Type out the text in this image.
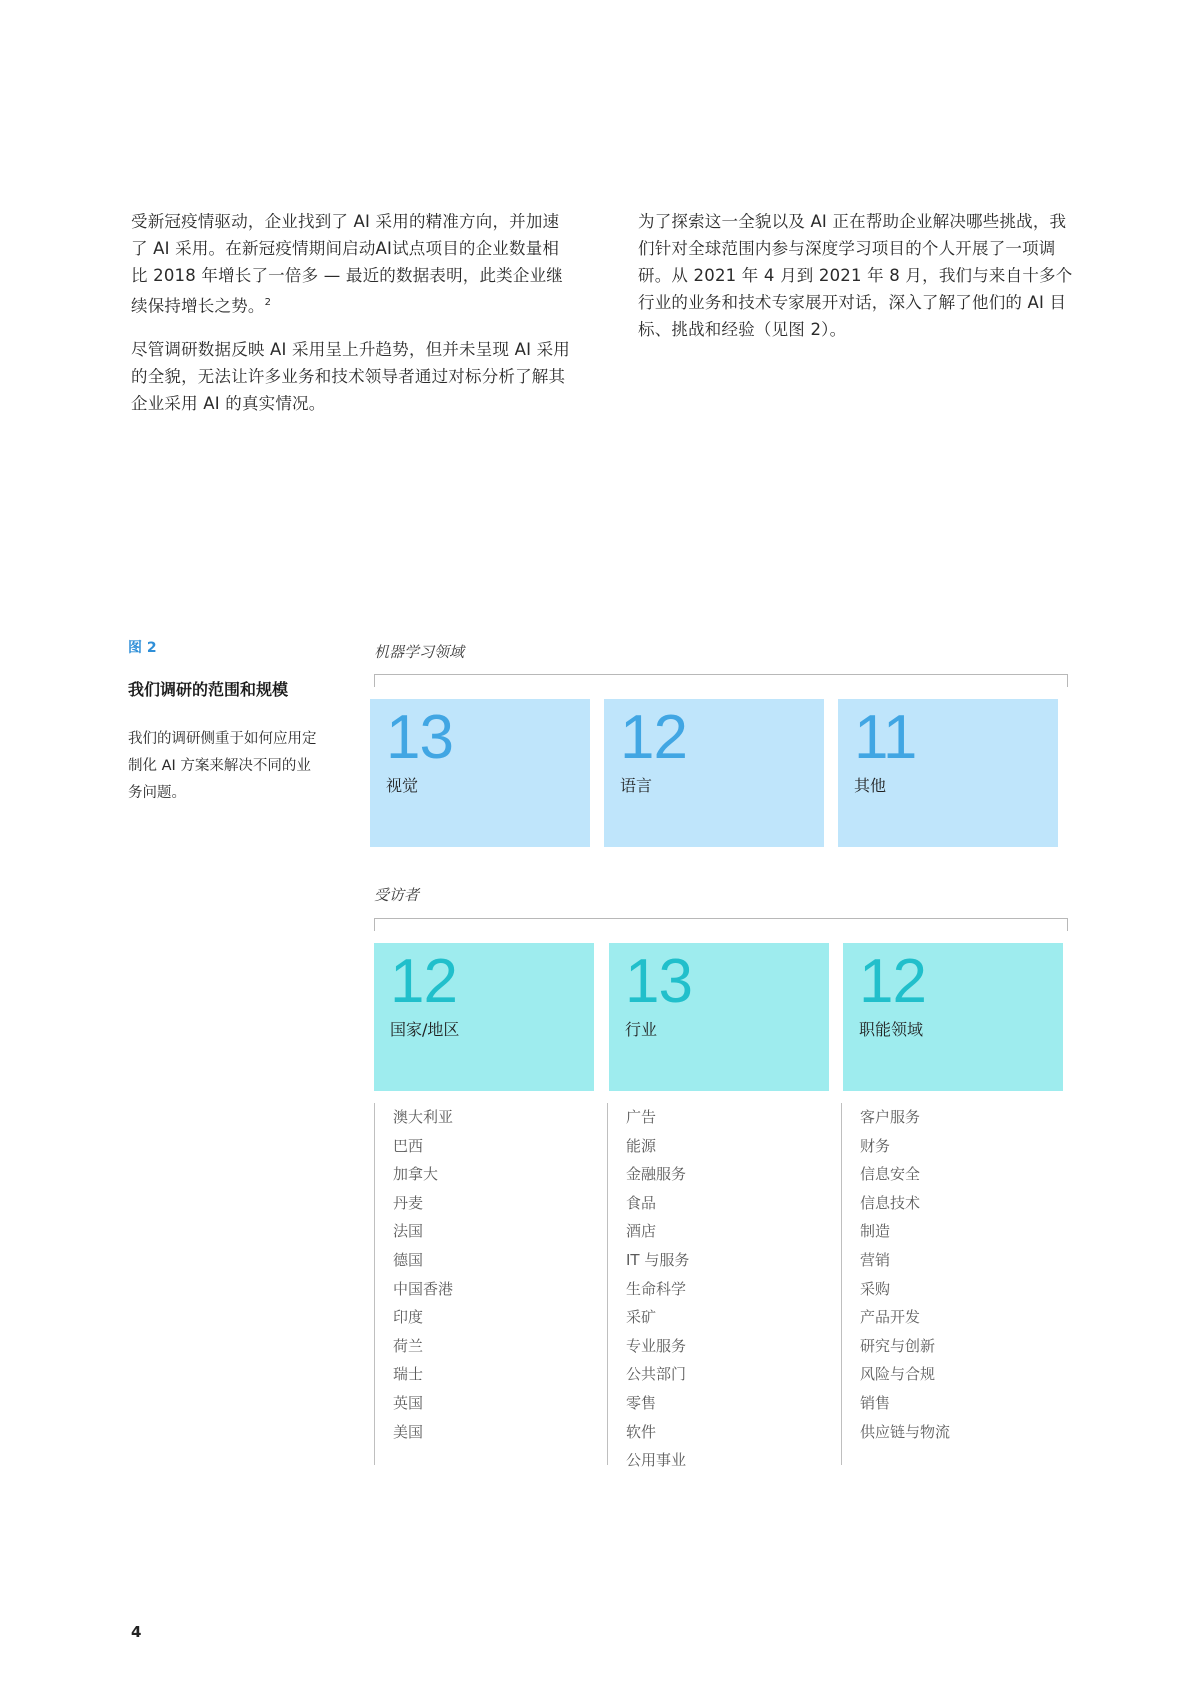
受新冠疫情驱动，企业找到了 AI 采用的精准方向，并加速了 AI 采用。在新冠疫情期间启动AI试点项目的企业数量相比 2018 年增长了一倍多 — 最近的数据表明，此类企业继续保持增长之势。$^2$

尽管调研数据反映 AI 采用呈上升趋势，但并未呈现 AI 采用的全貌，无法让许多业务和技术领导者通过对标分析了解其企业采用 AI 的真实情况。

为了探索这一全貌以及 AI 正在帮助企业解决哪些挑战，我们针对全球范围内参与深度学习项目的个人开展了一项调研。从 2021 年 4 月到 2021 年 8 月，我们与来自十多个行业的业务和技术专家展开对话，深入了解了他们的 AI 目标、挑战和经验（见图 2）。

图 2
我们调研的范围和规模
我们的调研侧重于如何应用定制化 AI 方案来解决不同的业务问题。
机器学习领域
13
视觉
12
语言
11
其他
受访者
12
国家/地区
13
行业
12
职能领域
澳大利亚
巴西
加拿大
丹麦
法国
德国
中国香港
印度
荷兰
瑞士
英国
美国
广告
能源
金融服务
食品
酒店
IT 与服务
生命科学
采矿
专业服务
公共部门
零售
软件
公用事业
客户服务
财务
信息安全
信息技术
制造
营销
采购
产品开发
研究与创新
风险与合规
销售
供应链与物流
4
